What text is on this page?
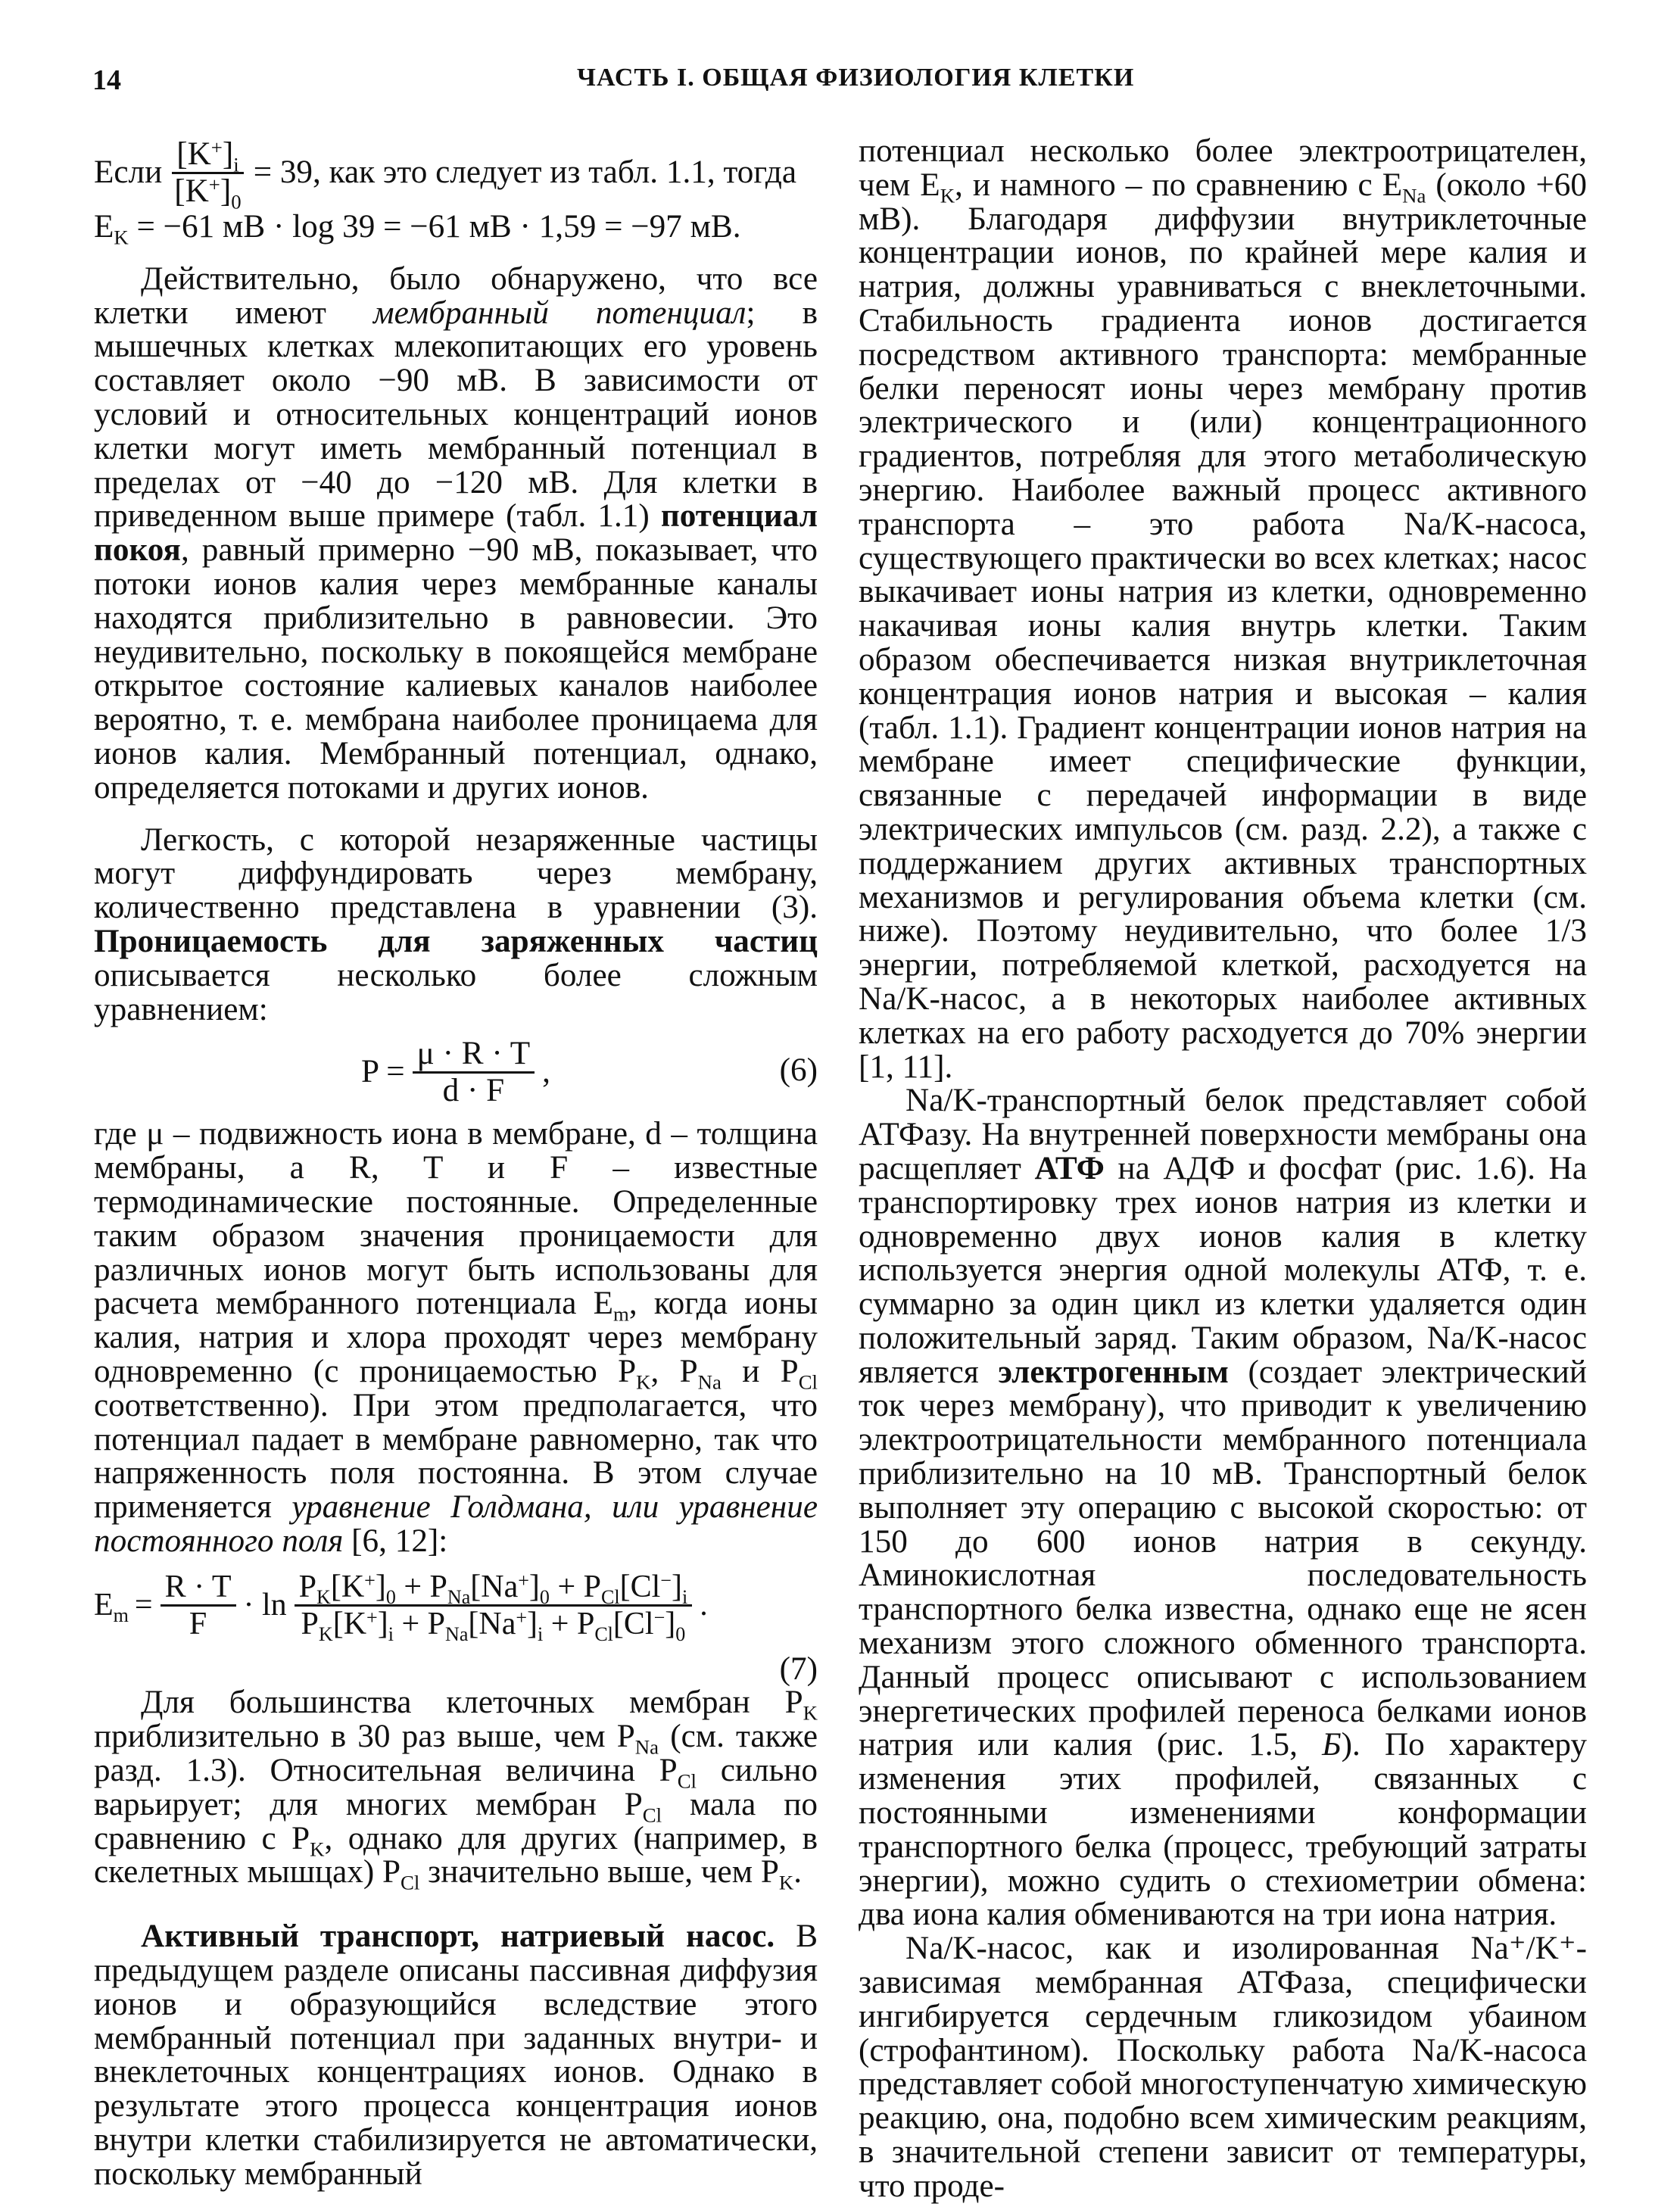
14	ЧАСТЬ I. ОБЩАЯ ФИЗИОЛОГИЯ КЛЕТКИ
Если $\frac{[K^+]_i}{[K^+]_0} = 39$, как это следует из табл. 1.1, тогда

$E_K = -61$ мВ · log 39 = −61 мВ · 1,59 = −97 мВ.

Действительно, было обнаружено, что все клетки имеют мембранный потенциал; в мышечных клетках млекопитающих его уровень составляет около −90 мВ. В зависимости от условий и относительных концентраций ионов клетки могут иметь мембранный потенциал в пределах от −40 до −120 мВ. Для клетки в приведенном выше примере (табл. 1.1) потенциал покоя, равный примерно −90 мВ, показывает, что потоки ионов калия через мембранные каналы находятся приблизительно в равновесии. Это неудивительно, поскольку в покоящейся мембране открытое состояние калиевых каналов наиболее вероятно, т. е. мембрана наиболее проницаема для ионов калия. Мембранный потенциал, однако, определяется потоками и других ионов.

Легкость, с которой незаряженные частицы могут диффундировать через мембрану, количественно представлена в уравнении (3). Проницаемость для заряженных частиц описывается несколько более сложным уравнением:

$P = \frac{\mu \cdot R \cdot T}{d \cdot F}$ ,	(6)

где μ – подвижность иона в мембране, d – толщина мембраны, а R, T и F – известные термодинамические постоянные. Определенные таким образом значения проницаемости для различных ионов могут быть использованы для расчета мембранного потенциала $E_m$, когда ионы калия, натрия и хлора проходят через мембрану одновременно (с проницаемостью $P_K$, $P_{Na}$ и $P_{Cl}$ соответственно). При этом предполагается, что потенциал падает в мембране равномерно, так что напряженность поля постоянна. В этом случае применяется уравнение Голдмана, или уравнение постоянного поля [6, 12]:

$E_m = \frac{R \cdot T}{F} \cdot \ln \frac{P_K[K^+]_0 + P_{Na}[Na^+]_0 + P_{Cl}[Cl^-]_i}{P_K[K^+]_i + P_{Na}[Na^+]_i + P_{Cl}[Cl^-]_0}$ .
(7)

Для большинства клеточных мембран $P_K$ приблизительно в 30 раз выше, чем $P_{Na}$ (см. также разд. 1.3). Относительная величина $P_{Cl}$ сильно варьирует; для многих мембран $P_{Cl}$ мала по сравнению с $P_K$, однако для других (например, в скелетных мышцах) $P_{Cl}$ значительно выше, чем $P_K$.

Активный транспорт, натриевый насос. В предыдущем разделе описаны пассивная диффузия ионов и образующийся вследствие этого мембранный потенциал при заданных внутри- и внеклеточных концентрациях ионов. Однако в результате этого процесса концентрация ионов внутри клетки стабилизируется не автоматически, поскольку мембранный

потенциал несколько более электроотрицателен, чем $E_K$, и намного – по сравнению с $E_{Na}$ (около +60 мВ). Благодаря диффузии внутриклеточные концентрации ионов, по крайней мере калия и натрия, должны уравниваться с внеклеточными. Стабильность градиента ионов достигается посредством активного транспорта: мембранные белки переносят ионы через мембрану против электрического и (или) концентрационного градиентов, потребляя для этого метаболическую энергию. Наиболее важный процесс активного транспорта – это работа Na/K-насоса, существующего практически во всех клетках; насос выкачивает ионы натрия из клетки, одновременно накачивая ионы калия внутрь клетки. Таким образом обеспечивается низкая внутриклеточная концентрация ионов натрия и высокая – калия (табл. 1.1). Градиент концентрации ионов натрия на мембране имеет специфические функции, связанные с передачей информации в виде электрических импульсов (см. разд. 2.2), а также с поддержанием других активных транспортных механизмов и регулирования объема клетки (см. ниже). Поэтому неудивительно, что более 1/3 энергии, потребляемой клеткой, расходуется на Na/K-насос, а в некоторых наиболее активных клетках на его работу расходуется до 70% энергии [1, 11].

Na/K-транспортный белок представляет собой АТФазу. На внутренней поверхности мембраны она расщепляет АТФ на АДФ и фосфат (рис. 1.6). На транспортировку трех ионов натрия из клетки и одновременно двух ионов калия в клетку используется энергия одной молекулы АТФ, т. е. суммарно за один цикл из клетки удаляется один положительный заряд. Таким образом, Na/K-насос является электрогенным (создает электрический ток через мембрану), что приводит к увеличению электроотрицательности мембранного потенциала приблизительно на 10 мВ. Транспортный белок выполняет эту операцию с высокой скоростью: от 150 до 600 ионов натрия в секунду. Аминокислотная последовательность транспортного белка известна, однако еще не ясен механизм этого сложного обменного транспорта. Данный процесс описывают с использованием энергетических профилей переноса белками ионов натрия или калия (рис. 1.5, Б). По характеру изменения этих профилей, связанных с постоянными изменениями конформации транспортного белка (процесс, требующий затраты энергии), можно судить о стехиометрии обмена: два иона калия обмениваются на три иона натрия.

Na/K-насос, как и изолированная Na⁺/K⁺-зависимая мембранная АТФаза, специфически ингибируется сердечным гликозидом убаином (строфантином). Поскольку работа Na/K-насоса представляет собой многоступенчатую химическую реакцию, она, подобно всем химическим реакциям, в значительной степени зависит от температуры, что проде-
